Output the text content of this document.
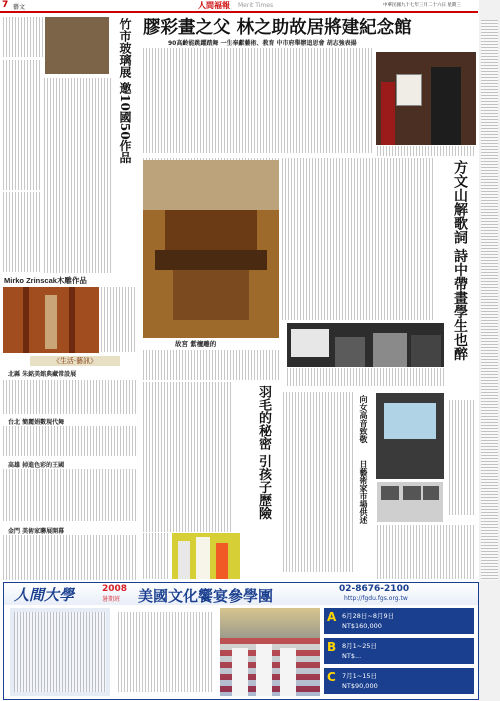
7 藝文	人間福報 Merit Times	中華民國九十七年三月二十六日 星期三
竹市玻璃展 邀10國50作品
Mirko Zrinscak木雕作品
《生活‧藝訊》
北縣 朱銘美館典藏常設展
台北 簡麗娟數現代舞
高雄 掉進色彩的王國
金門 美術家聯展開幕
膠彩畫之父 林之助故居將建紀念館
90高齡能跳躍踏舞 一生奉獻藝術、教育 中市府舉辦追思會 胡志強表揚
故宮 紫檀雕的
羽毛的秘密 引孩子歷險
方文山解歌詞 詩中帶畫學生也醉
向女高音致敬
日藝術家市場供述
人間大學	2008
暑期班 美國文化饗宴參學團	02-8676-2100
http://fgdu.fgs.org.tw
A 6月28日~8月9日
NT$160,000
B 8月1~25日
NT$...
C 7月1~15日
NT$90,000
